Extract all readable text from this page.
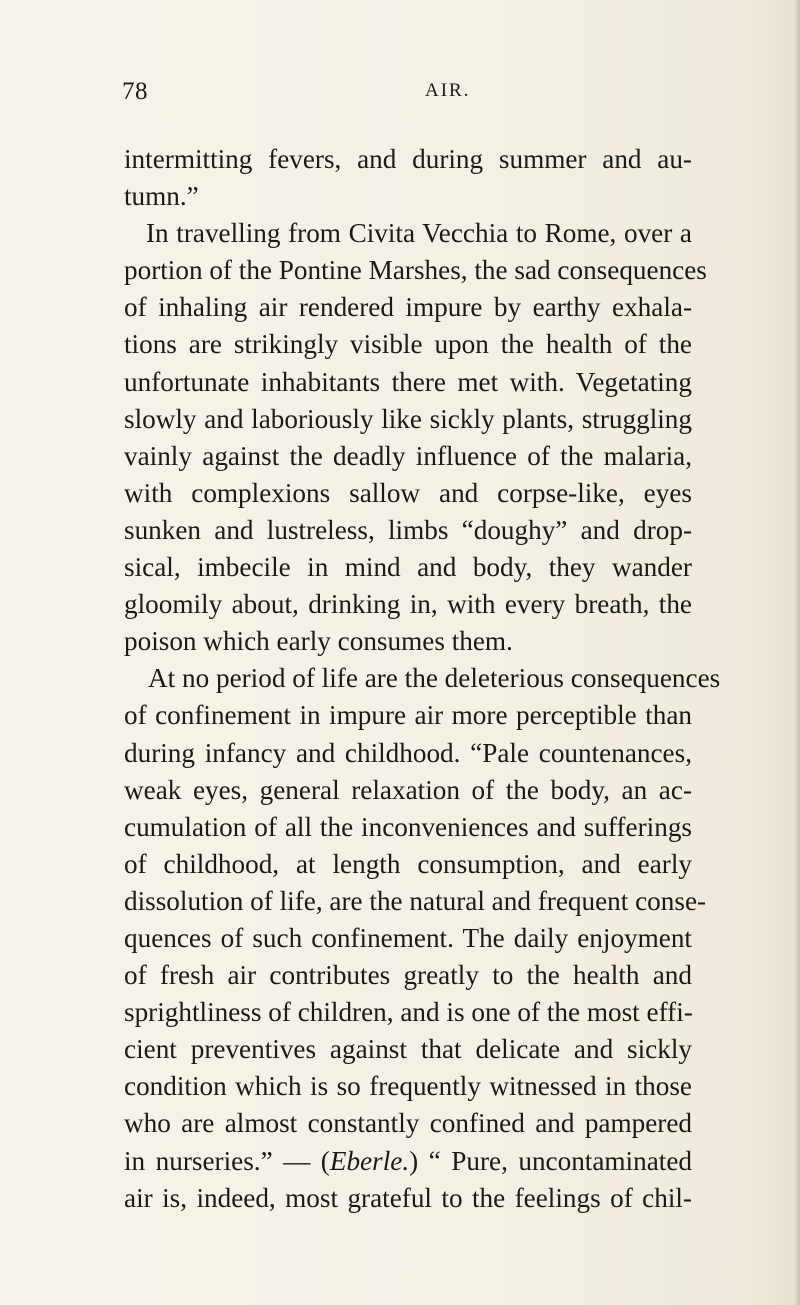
78	AIR.
intermitting fevers, and during summer and au-
tumn.”
In travelling from Civita Vecchia to Rome, over a
portion of the Pontine Marshes, the sad consequences
of inhaling air rendered impure by earthy exhala-
tions are strikingly visible upon the health of the
unfortunate inhabitants there met with. Vegetating
slowly and laboriously like sickly plants, struggling
vainly against the deadly influence of the malaria,
with complexions sallow and corpse-like, eyes
sunken and lustreless, limbs “doughy” and drop-
sical, imbecile in mind and body, they wander
gloomily about, drinking in, with every breath, the
poison which early consumes them.
At no period of life are the deleterious consequences
of confinement in impure air more perceptible than
during infancy and childhood. “Pale countenances,
weak eyes, general relaxation of the body, an ac-
cumulation of all the inconveniences and sufferings
of childhood, at length consumption, and early
dissolution of life, are the natural and frequent conse-
quences of such confinement. The daily enjoyment
of fresh air contributes greatly to the health and
sprightliness of children, and is one of the most effi-
cient preventives against that delicate and sickly
condition which is so frequently witnessed in those
who are almost constantly confined and pampered
in nurseries.” — (Eberle.) “ Pure, uncontaminated
air is, indeed, most grateful to the feelings of chil-
